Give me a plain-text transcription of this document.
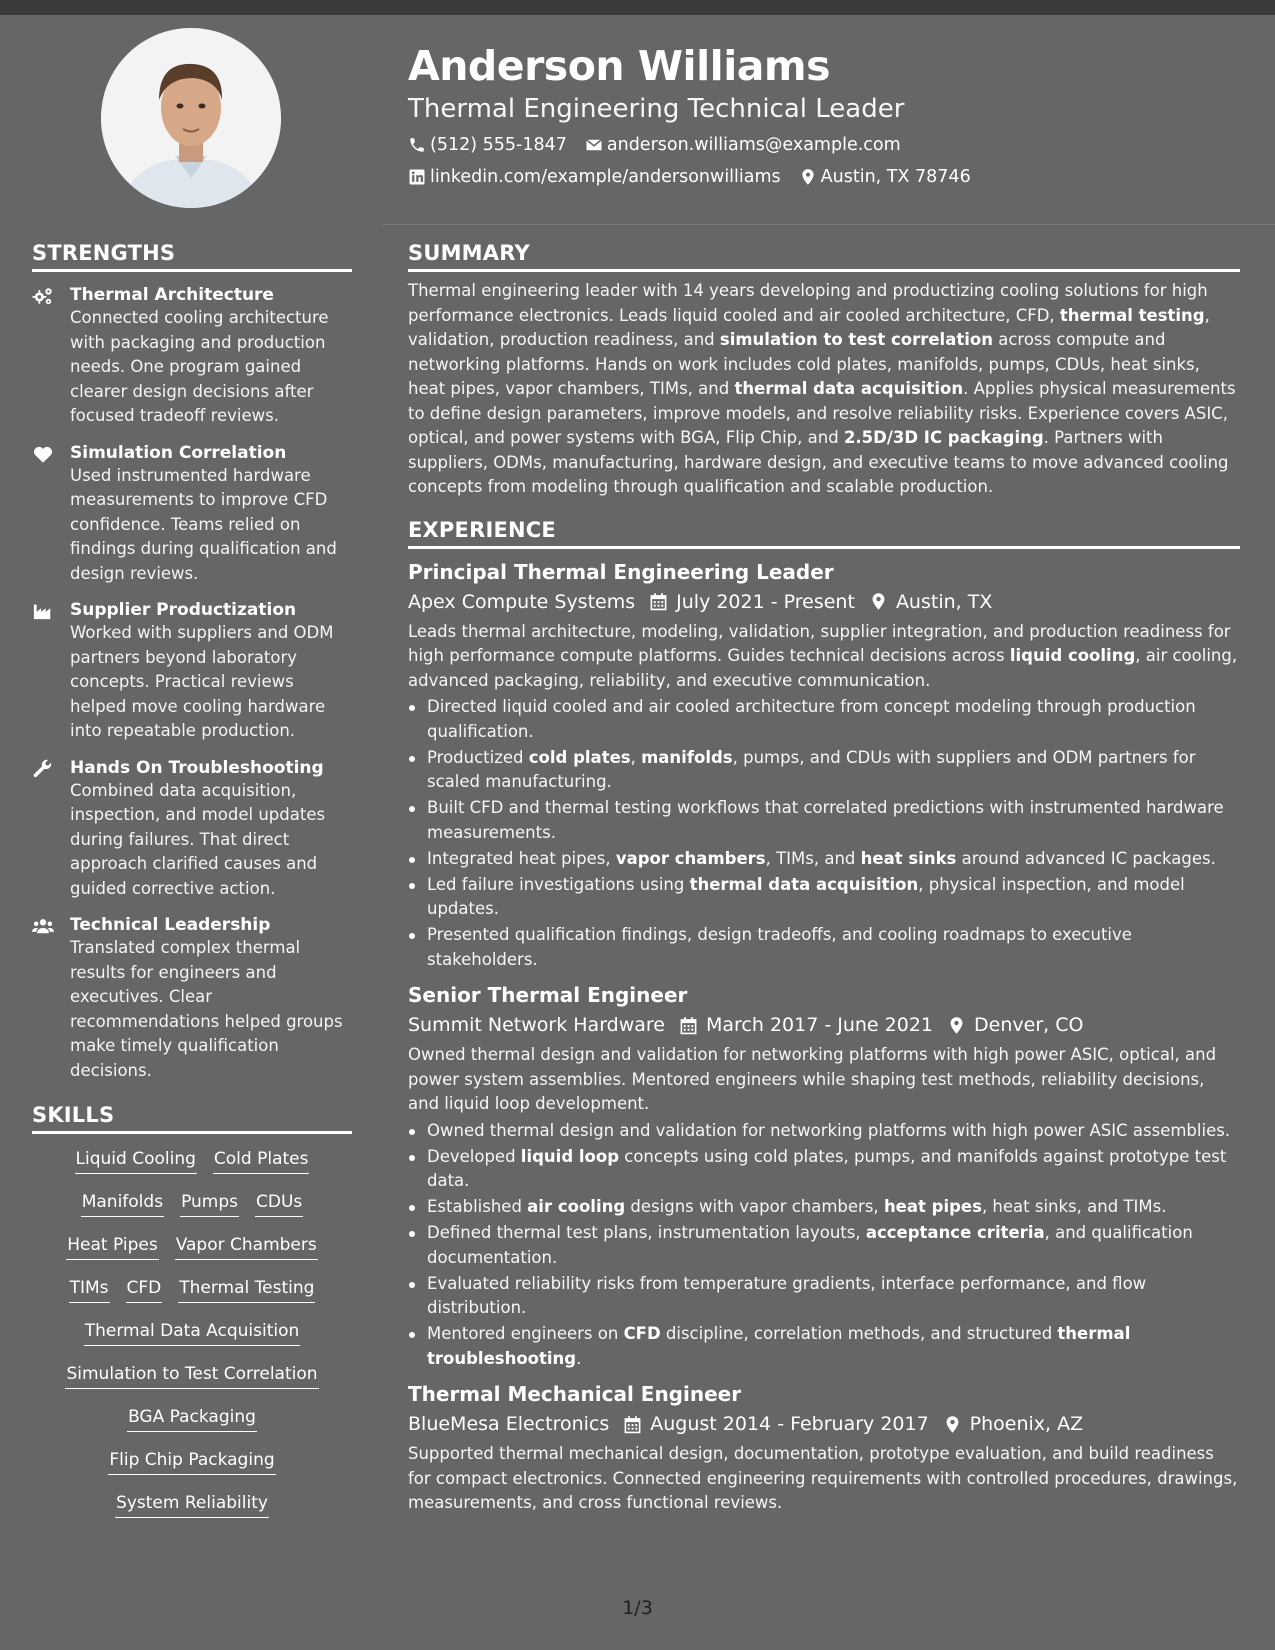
Anderson Williams
Thermal Engineering Technical Leader
(512) 555-1847 anderson.williams@example.com
linkedin.com/example/andersonwilliams Austin, TX 78746
STRENGTHS
Thermal Architecture
Connected cooling architecture with packaging and production needs. One program gained clearer design decisions after focused tradeoff reviews.
Simulation Correlation
Used instrumented hardware measurements to improve CFD confidence. Teams relied on findings during qualification and design reviews.
Supplier Productization
Worked with suppliers and ODM partners beyond laboratory concepts. Practical reviews helped move cooling hardware into repeatable production.
Hands On Troubleshooting
Combined data acquisition, inspection, and model updates during failures. That direct approach clarified causes and guided corrective action.
Technical Leadership
Translated complex thermal results for engineers and executives. Clear recommendations helped groups make timely qualification decisions.
SKILLS
Liquid Cooling Cold Plates
Manifolds Pumps CDUs
Heat Pipes Vapor Chambers
TIMs CFD Thermal Testing
Thermal Data Acquisition
Simulation to Test Correlation
BGA Packaging
Flip Chip Packaging
System Reliability
SUMMARY
Thermal engineering leader with 14 years developing and productizing cooling solutions for high performance electronics. Leads liquid cooled and air cooled architecture, CFD, thermal testing, validation, production readiness, and simulation to test correlation across compute and networking platforms. Hands on work includes cold plates, manifolds, pumps, CDUs, heat sinks, heat pipes, vapor chambers, TIMs, and thermal data acquisition. Applies physical measurements to define design parameters, improve models, and resolve reliability risks. Experience covers ASIC, optical, and power systems with BGA, Flip Chip, and 2.5D/3D IC packaging. Partners with suppliers, ODMs, manufacturing, hardware design, and executive teams to move advanced cooling concepts from modeling through qualification and scalable production.
EXPERIENCE
Principal Thermal Engineering Leader
Apex Compute Systems July 2021 - Present Austin, TX
Leads thermal architecture, modeling, validation, supplier integration, and production readiness for high performance compute platforms. Guides technical decisions across liquid cooling, air cooling, advanced packaging, reliability, and executive communication.
Directed liquid cooled and air cooled architecture from concept modeling through production qualification.
Productized cold plates, manifolds, pumps, and CDUs with suppliers and ODM partners for scaled manufacturing.
Built CFD and thermal testing workflows that correlated predictions with instrumented hardware measurements.
Integrated heat pipes, vapor chambers, TIMs, and heat sinks around advanced IC packages.
Led failure investigations using thermal data acquisition, physical inspection, and model updates.
Presented qualification findings, design tradeoffs, and cooling roadmaps to executive stakeholders.
Senior Thermal Engineer
Summit Network Hardware March 2017 - June 2021 Denver, CO
Owned thermal design and validation for networking platforms with high power ASIC, optical, and power system assemblies. Mentored engineers while shaping test methods, reliability decisions, and liquid loop development.
Owned thermal design and validation for networking platforms with high power ASIC assemblies.
Developed liquid loop concepts using cold plates, pumps, and manifolds against prototype test data.
Established air cooling designs with vapor chambers, heat pipes, heat sinks, and TIMs.
Defined thermal test plans, instrumentation layouts, acceptance criteria, and qualification documentation.
Evaluated reliability risks from temperature gradients, interface performance, and flow distribution.
Mentored engineers on CFD discipline, correlation methods, and structured thermal troubleshooting.
Thermal Mechanical Engineer
BlueMesa Electronics August 2014 - February 2017 Phoenix, AZ
Supported thermal mechanical design, documentation, prototype evaluation, and build readiness for compact electronics. Connected engineering requirements with controlled procedures, drawings, measurements, and cross functional reviews.
1/3
